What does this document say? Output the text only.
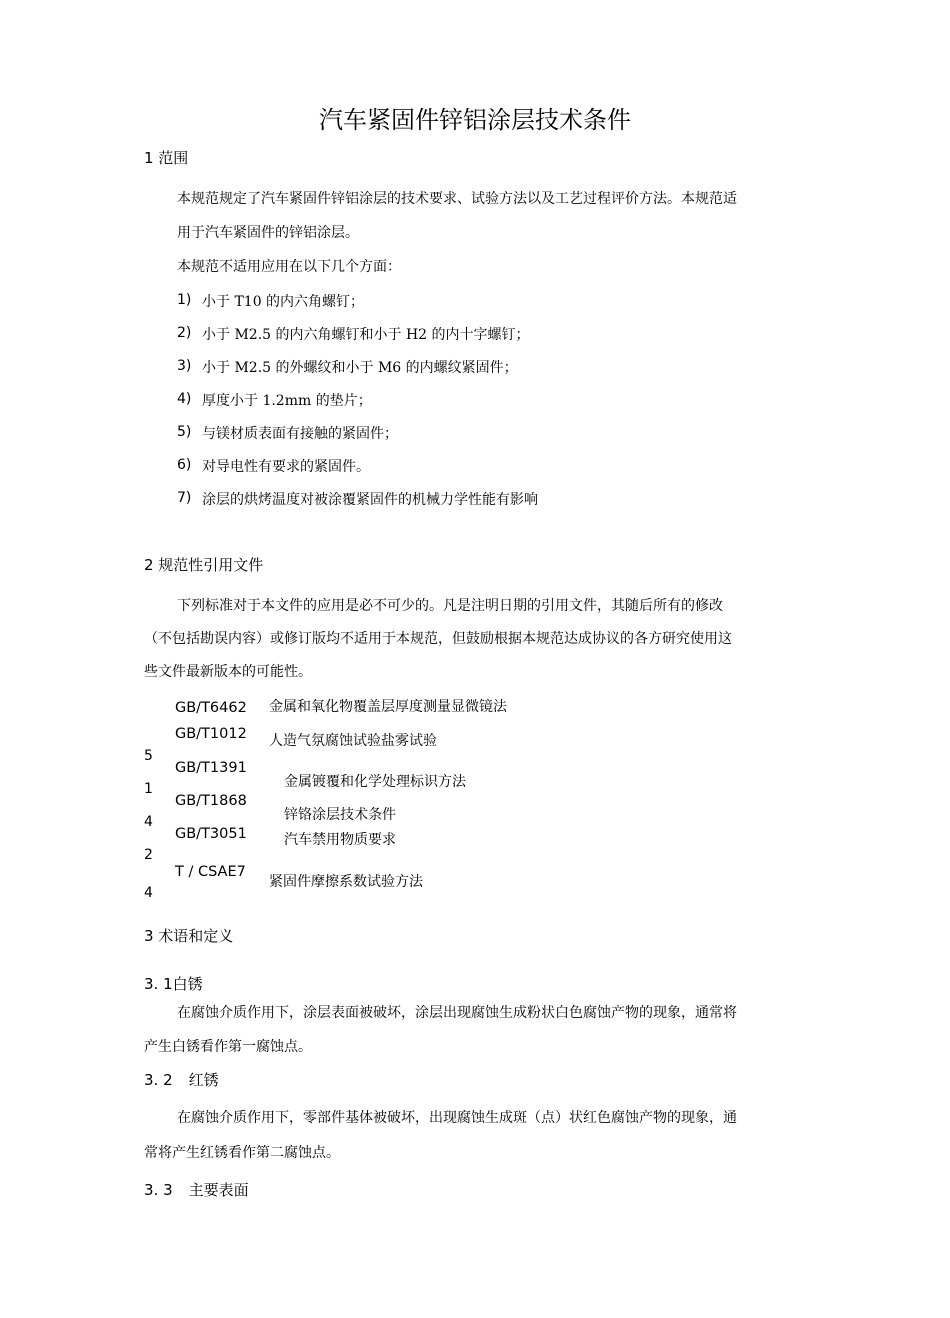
汽车紧固件锌铝涂层技术条件
1 范围
本规范规定了汽车紧固件锌铝涂层的技术要求、试验方法以及工艺过程评价方法。本规范适
用于汽车紧固件的锌铝涂层。
本规范不适用应用在以下几个方面：
1) 小于 T10 的内六角螺钉；
2) 小于 M2.5 的内六角螺钉和小于 H2 的内十字螺钉；
3) 小于 M2.5 的外螺纹和小于 M6 的内螺纹紧固件；
4) 厚度小于 1.2mm 的垫片；
5) 与镁材质表面有接触的紧固件；
6) 对导电性有要求的紧固件。
7) 涂层的烘烤温度对被涂覆紧固件的机械力学性能有影响
2 规范性引用文件
下列标准对于本文件的应用是必不可少的。凡是注明日期的引用文件，其随后所有的修改
（不包括勘误内容）或修订版均不适用于本规范，但鼓励根据本规范达成协议的各方研究使用这
些文件最新版本的可能性。
GB/T6462 金属和氧化物覆盖层厚度测量显微镜法
GB/T1012
5
人造气氛腐蚀试验盐雾试验
GB/T1391
1	金属镀覆和化学处理标识方法
GB/T1868
4	锌铬涂层技术条件
GB/T3051
2
汽车禁用物质要求
T / CSAE7
4
紧固件摩擦系数试验方法
3 术语和定义
3. 1白锈
在腐蚀介质作用下，涂层表面被破坏，涂层出现腐蚀生成粉状白色腐蚀产物的现象，通常将
产生白锈看作第一腐蚀点。
3. 2 红锈
在腐蚀介质作用下，零部件基体被破坏，出现腐蚀生成斑（点）状红色腐蚀产物的现象，通
常将产生红锈看作第二腐蚀点。
3. 3 主要表面
